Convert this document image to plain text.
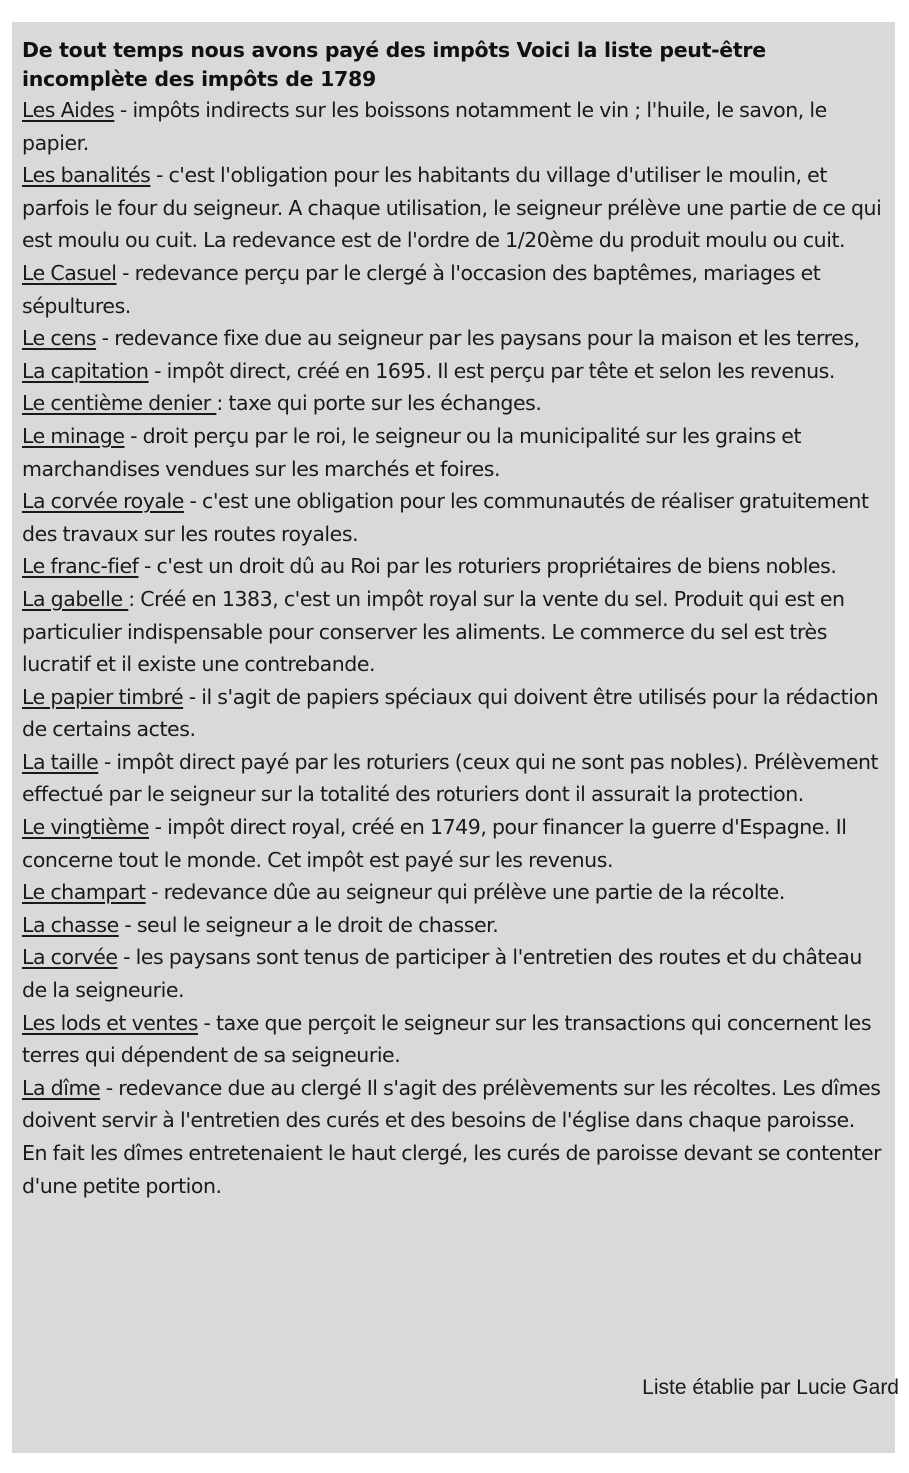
De tout temps nous avons payé des impôts Voici la liste peut-être incomplète des impôts de 1789

Les Aides - impôts indirects sur les boissons notamment le vin ; l'huile, le savon, le papier.

Les banalités - c'est l'obligation pour les habitants du village d'utiliser le moulin, et parfois le four du seigneur. A chaque utilisation, le seigneur prélève une partie de ce qui est moulu ou cuit. La redevance est de l'ordre de 1/20ème du produit moulu ou cuit.

Le Casuel - redevance perçu par le clergé à l'occasion des baptêmes, mariages et sépultures.

Le cens - redevance fixe due au seigneur par les paysans pour la maison et les terres,

La capitation - impôt direct, créé en 1695. Il est perçu par tête et selon les revenus.

Le centième denier : taxe qui porte sur les échanges.

Le minage - droit perçu par le roi, le seigneur ou la municipalité sur les grains et marchandises vendues sur les marchés et foires.

La corvée royale - c'est une obligation pour les communautés de réaliser gratuitement des travaux sur les routes royales.

Le franc-fief - c'est un droit dû au Roi par les roturiers propriétaires de biens nobles.

La gabelle : Créé en 1383, c'est un impôt royal sur la vente du sel. Produit qui est en particulier indispensable pour conserver les aliments. Le commerce du sel est très lucratif et il existe une contrebande.

Le papier timbré - il s'agit de papiers spéciaux qui doivent être utilisés pour la rédaction de certains actes.

La taille - impôt direct payé par les roturiers (ceux qui ne sont pas nobles). Prélèvement effectué par le seigneur sur la totalité des roturiers dont il assurait la protection.

Le vingtième - impôt direct royal, créé en 1749, pour financer la guerre d'Espagne. Il concerne tout le monde. Cet impôt est payé sur les revenus.

Le champart - redevance dûe au seigneur qui prélève une partie de la récolte.

La chasse - seul le seigneur a le droit de chasser.

La corvée - les paysans sont tenus de participer à l'entretien des routes et du château de la seigneurie.

Les lods et ventes - taxe que perçoit le seigneur sur les transactions qui concernent les terres qui dépendent de sa seigneurie.

La dîme - redevance due au clergé Il s'agit des prélèvements sur les récoltes. Les dîmes doivent servir à l'entretien des curés et des besoins de l'église dans chaque paroisse. En fait les dîmes entretenaient le haut clergé, les curés de paroisse devant se contenter d'une petite portion.

Liste établie par Lucie Gard
